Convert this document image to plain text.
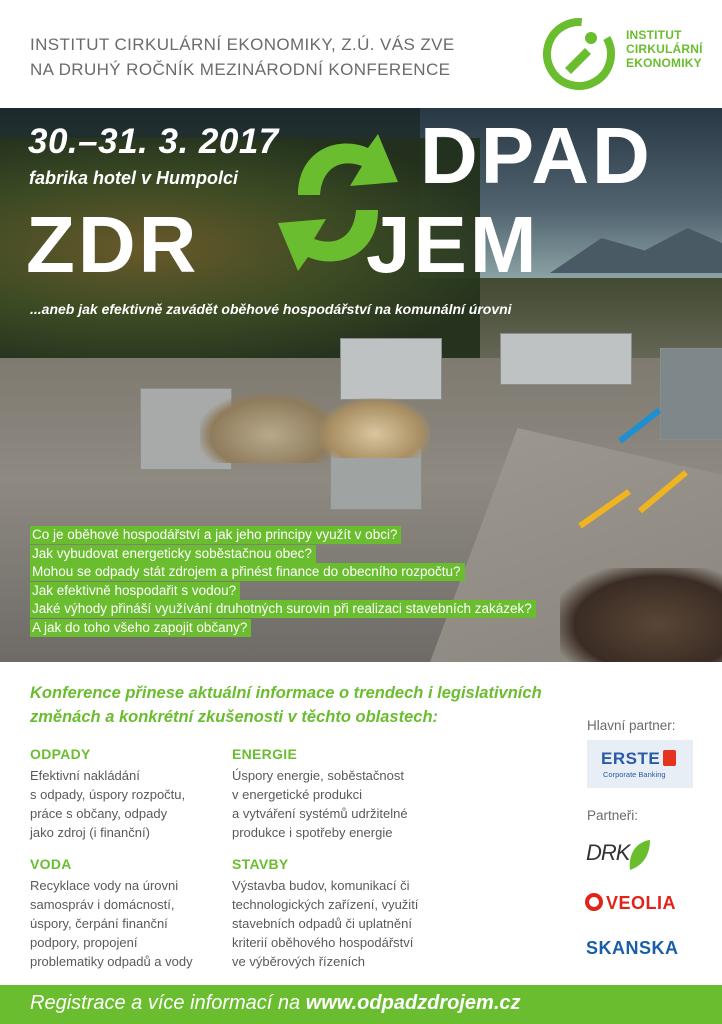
INSTITUT CIRKULÁRNÍ EKONOMIKY, Z.Ú. VÁS ZVE
NA DRUHÝ ROČNÍK MEZINÁRODNÍ KONFERENCE
INSTITUT
CIRKULÁRNÍ
EKONOMIKY
30.–31. 3. 2017
fabrika hotel v Humpolci DPAD
ZDR JEM
...aneb jak efektivně zavádět oběhové hospodářství na komunální úrovni
Co je oběhové hospodářství a jak jeho principy využít v obci?
Jak vybudovat energeticky soběstačnou obec?
Mohou se odpady stát zdrojem a přinést finance do obecního rozpočtu?
Jak efektivně hospodařit s vodou?
Jaké výhody přináší využívání druhotných surovin při realizaci stavebních zakázek?
A jak do toho všeho zapojit občany?
Konference přinese aktuální informace o trendech i legislativních
změnách a konkrétní zkušenosti v těchto oblastech:
ODPADY

Efektivní nakládání
s odpady, úspory rozpočtu,
práce s občany, odpady
jako zdroj (i finanční)

ENERGIE

Úspory energie, soběstačnost
v energetické produkci
a vytváření systémů udržitelné
produkce i spotřeby energie

VODA

Recyklace vody na úrovni
samospráv i domácností,
úspory, čerpání finanční
podpory, propojení
problematiky odpadů a vody

STAVBY

Výstavba budov, komunikací či
technologických zařízení, využití
stavebních odpadů či uplatnění
kriterií oběhového hospodářství
ve výběrových řízeních

Hlavní partner:
ERSTE
Corporate Banking
Partneři:
DRK
VEOLIA
SKANSKA
Registrace a více informací na www.odpadzdrojem.cz
